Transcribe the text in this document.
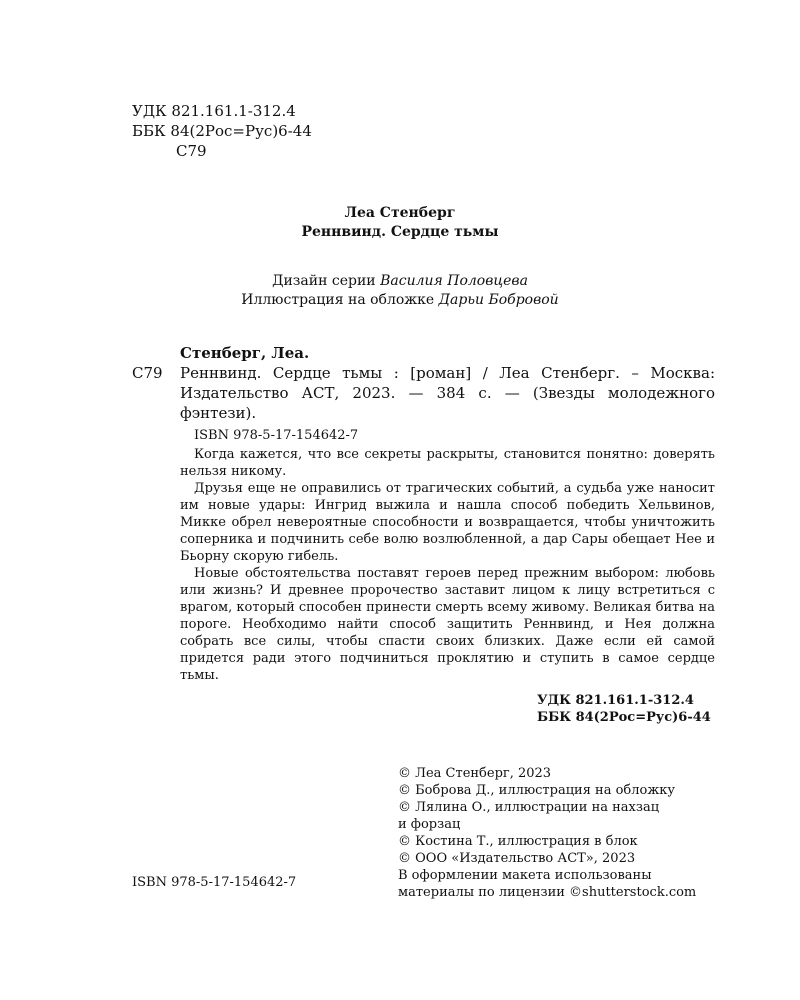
УДК 821.161.1-312.4
ББК 84(2Рос=Рус)6-44
С79
Леа Стенберг
Реннвинд. Сердце тьмы
Дизайн серии Василия Половцева
Иллюстрация на обложке Дарьи Бобровой
С79
Стенберг, Леа.
Реннвинд. Сердце тьмы : [роман] / Леа Стенберг. – Москва: Издательство АСТ, 2023. — 384 с. — (Звезды молодежного фэнтези).
ISBN 978-5-17-154642-7

Когда кажется, что все секреты раскрыты, становится понятно: доверять нельзя никому.

Друзья еще не оправились от трагических событий, а судьба уже наносит им новые удары: Ингрид выжила и нашла способ победить Хельвинов, Микке обрел невероятные способности и возвращается, чтобы уничтожить соперника и подчинить себе волю возлюбленной, а дар Сары обещает Нее и Бьорну скорую гибель.

Новые обстоятельства поставят героев перед прежним выбором: любовь или жизнь? И древнее пророчество заставит лицом к лицу встретиться с врагом, который способен принести смерть всему живому. Великая битва на пороге. Необходимо найти способ защитить Реннвинд, и Нея должна собрать все силы, чтобы спасти своих близких. Даже если ей самой придется ради этого подчиниться проклятию и ступить в самое сердце тьмы.

УДК 821.161.1-312.4
ББК 84(2Рос=Рус)6-44
© Леа Стенберг, 2023
© Боброва Д., иллюстрация на обложку
© Лялина О., иллюстрации на нахзац
и форзац
© Костина Т., иллюстрация в блок
© ООО «Издательство АСТ», 2023
В оформлении макета использованы
материалы по лицензии ©shutterstock.com
ISBN 978-5-17-154642-7
